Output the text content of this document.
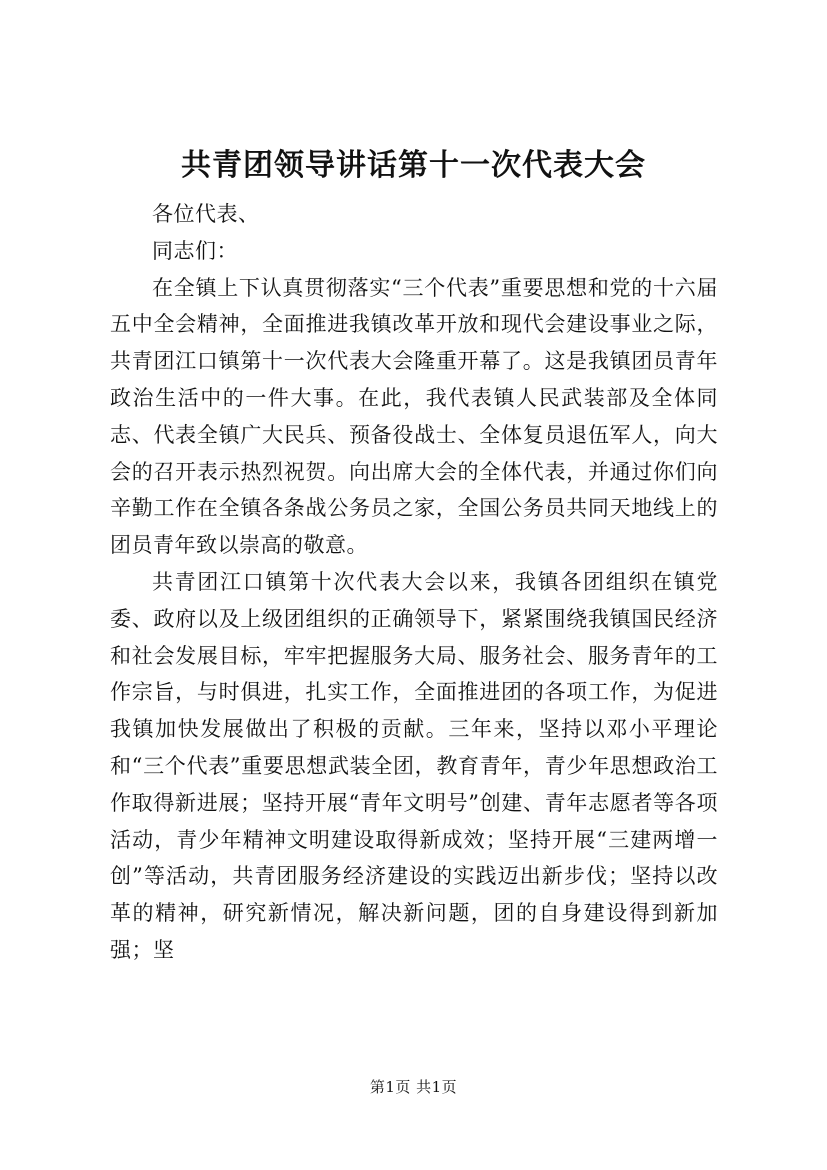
共青团领导讲话第十一次代表大会

各位代表、

同志们：

在全镇上下认真贯彻落实“三个代表”重要思想和党的十六届五中全会精神，全面推进我镇改革开放和现代会建设事业之际，共青团江口镇第十一次代表大会隆重开幕了。这是我镇团员青年政治生活中的一件大事。在此，我代表镇人民武装部及全体同志、代表全镇广大民兵、预备役战士、全体复员退伍军人，向大会的召开表示热烈祝贺。向出席大会的全体代表，并通过你们向辛勤工作在全镇各条战公务员之家，全国公务员共同天地线上的团员青年致以崇高的敬意。

共青团江口镇第十次代表大会以来，我镇各团组织在镇党委、政府以及上级团组织的正确领导下，紧紧围绕我镇国民经济和社会发展目标，牢牢把握服务大局、服务社会、服务青年的工作宗旨，与时俱进，扎实工作，全面推进团的各项工作，为促进我镇加快发展做出了积极的贡献。三年来，坚持以邓小平理论和“三个代表”重要思想武装全团，教育青年，青少年思想政治工作取得新进展；坚持开展“青年文明号”创建、青年志愿者等各项活动，青少年精神文明建设取得新成效；坚持开展“三建两增一创”等活动，共青团服务经济建设的实践迈出新步伐；坚持以改革的精神，研究新情况，解决新问题，团的自身建设得到新加强；坚

第1页 共1页
